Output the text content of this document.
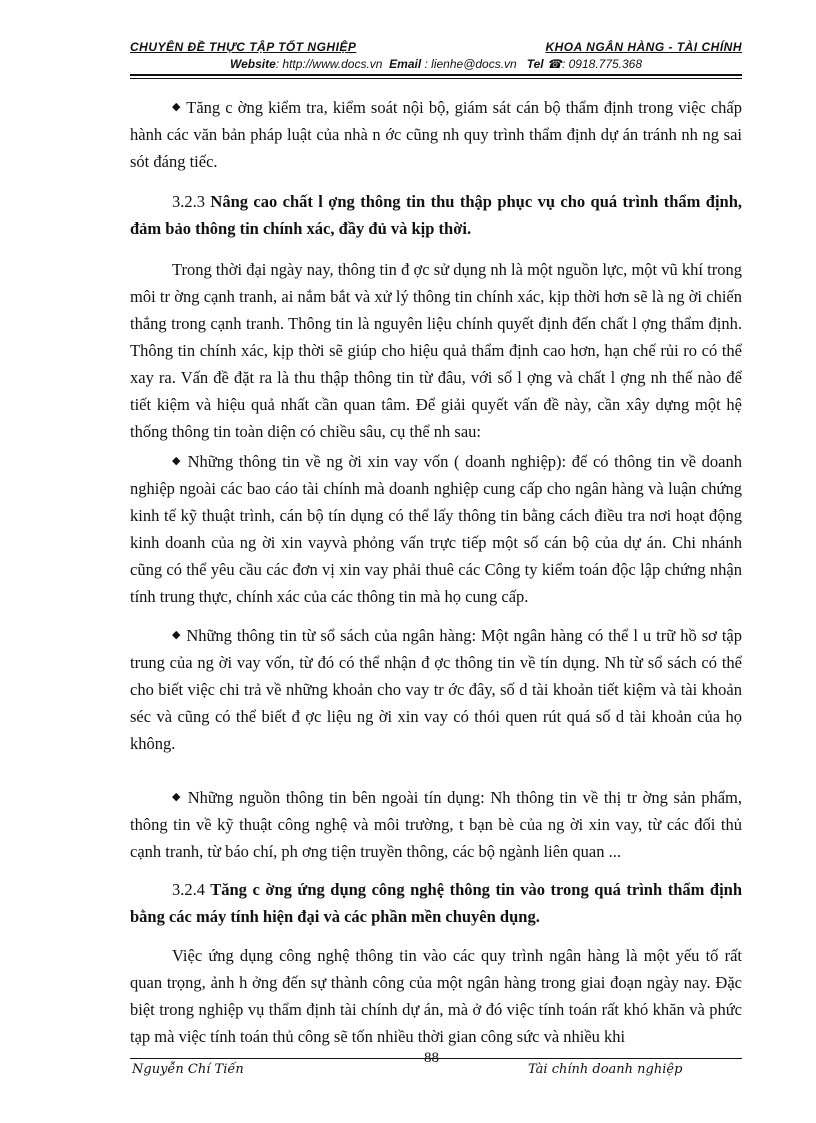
CHUYÊN ĐỀ THỰC TẬP TỐT NGHIỆP	KHOA NGÂN HÀNG - TÀI CHÍNH
Website: http://www.docs.vn Email : lienhe@docs.vn Tel ☎: 0918.775.368

◆ Tăng c ờng kiểm tra, kiểm soát nội bộ, giám sát cán bộ thẩm định trong việc chấp hành các văn bản pháp luật của nhà n ớc cũng nh quy trình thẩm định dự án tránh nh ng sai sót đáng tiếc.

3.2.3 Nâng cao chất l ợng thông tin thu thập phục vụ cho quá trình thẩm định, đảm bảo thông tin chính xác, đầy đủ và kịp thời.

Trong thời đại ngày nay, thông tin đ ợc sử dụng nh là một nguồn lực, một vũ khí trong môi tr ờng cạnh tranh, ai nắm bắt và xử lý thông tin chính xác, kịp thời hơn sẽ là ng ời chiến thắng trong cạnh tranh. Thông tin là nguyên liệu chính quyết định đến chất l ợng thẩm định. Thông tin chính xác, kịp thời sẽ giúp cho hiệu quả thẩm định cao hơn, hạn chế rủi ro có thể xay ra. Vấn đề đặt ra là thu thập thông tin từ đâu, với số l ợng và chất l ợng nh thế nào để tiết kiệm và hiệu quả nhất cần quan tâm. Để giải quyết vấn đề này, cần xây dựng một hệ thống thông tin toàn diện có chiều sâu, cụ thể nh sau:

◆ Những thông tin về ng ời xin vay vốn ( doanh nghiệp): để có thông tin về doanh nghiệp ngoài các bao cáo tài chính mà doanh nghiệp cung cấp cho ngân hàng và luận chứng kinh tế kỹ thuật trình, cán bộ tín dụng có thể lấy thông tin bằng cách điều tra nơi hoạt động kinh doanh của ng ời xin vayvà phỏng vấn trực tiếp một số cán bộ của dự án. Chi nhánh cũng có thể yêu cầu các đơn vị xin vay phải thuê các Công ty kiểm toán độc lập chứng nhận tính trung thực, chính xác của các thông tin mà họ cung cấp.

◆ Những thông tin từ sổ sách của ngân hàng: Một ngân hàng có thể l u trữ hồ sơ tập trung của ng ời vay vốn, từ đó có thể nhận đ ợc thông tin về tín dụng. Nh từ sổ sách có thể cho biết việc chi trả về những khoản cho vay tr ớc đây, số d tài khoản tiết kiệm và tài khoản séc và cũng có thể biết đ ợc liệu ng ời xin vay có thói quen rút quá số d tài khoản của họ không.

◆ Những nguồn thông tin bên ngoài tín dụng: Nh thông tin về thị tr ờng sản phẩm, thông tin về kỹ thuật công nghệ và môi trường, t bạn bè của ng ời xin vay, từ các đối thủ cạnh tranh, từ báo chí, ph ơng tiện truyền thông, các bộ ngành liên quan ...

3.2.4 Tăng c ờng ứng dụng công nghệ thông tin vào trong quá trình thẩm định bằng các máy tính hiện đại và các phần mền chuyên dụng.

Việc ứng dụng công nghệ thông tin vào các quy trình ngân hàng là một yếu tố rất quan trọng, ảnh h ởng đến sự thành công của một ngân hàng trong giai đoạn ngày nay. Đặc biệt trong nghiệp vụ thẩm định tài chính dự án, mà ở đó việc tính toán rất khó khăn và phức tạp mà việc tính toán thủ công sẽ tốn nhiều thời gian công sức và nhiều khi

88
Nguyễn Chí Tiến	Tài chính doanh nghiệp
